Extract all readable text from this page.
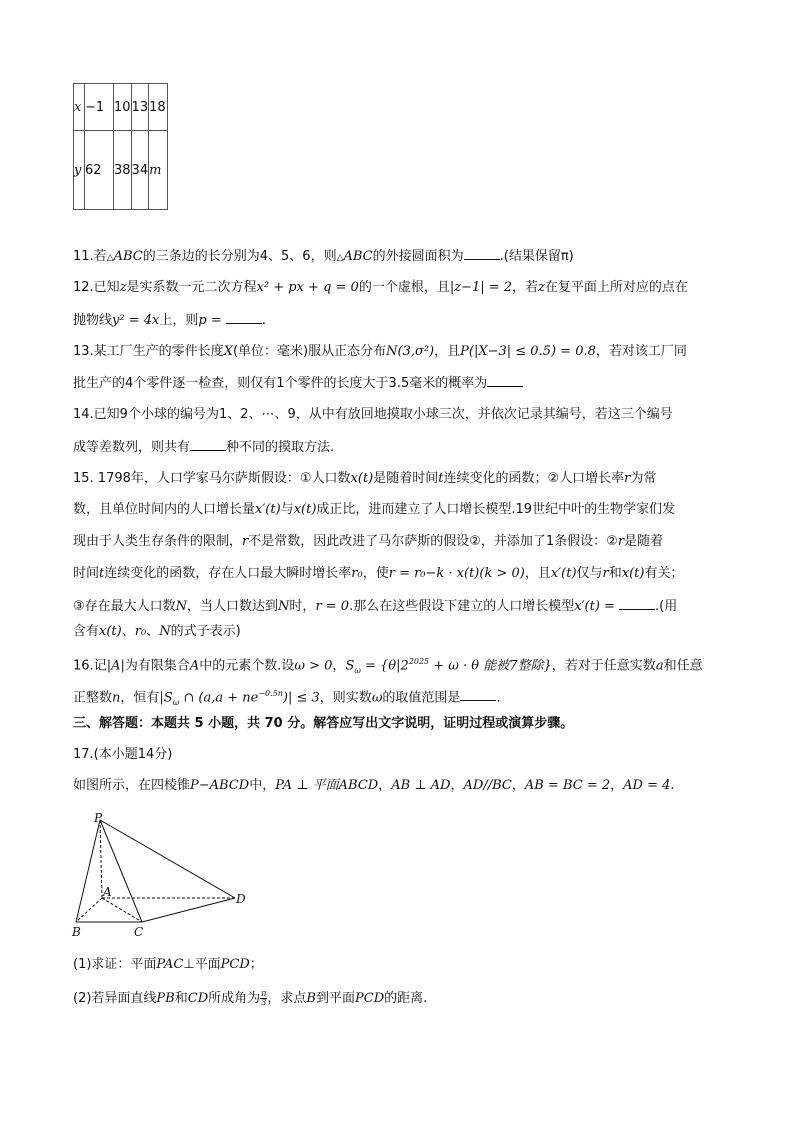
x	−1	10	13	18
y	62	38	34	m
11.若△ABC的三条边的长分别为4、5、6，则△ABC的外接圆面积为	.(结果保留π)
12.已知z是实系数一元二次方程x² + px + q = 0的一个虚根，且|z−1| = 2，若z在复平面上所对应的点在
抛物线y² = 4x上，则p =	.
13.某工厂生产的零件长度X(单位：毫米)服从正态分布N(3,σ²)，且P(|X−3| ≤ 0.5) = 0.8，若对该工厂同
批生产的4个零件逐一检查，则仅有1个零件的长度大于3.5毫米的概率为
14.已知9个小球的编号为1、2、⋯、9，从中有放回地摸取小球三次，并依次记录其编号，若这三个编号
成等差数列，则共有	种不同的摸取方法.
15. 1798年，人口学家马尔萨斯假设：①人口数x(t)是随着时间t连续变化的函数；②人口增长率r为常
数，且单位时间内的人口增长量x′(t)与x(t)成正比，进而建立了人口增长模型.19世纪中叶的生物学家们发
现由于人类生存条件的限制，r不是常数，因此改进了马尔萨斯的假设②，并添加了1条假设：②r是随着
时间t连续变化的函数，存在人口最大瞬时增长率r₀，使r = r₀−k · x(t)(k > 0)，且x′(t)仅与r和x(t)有关；
③存在最大人口数N，当人口数达到N时，r = 0.那么在这些假设下建立的人口增长模型x′(t) =	.(用
含有x(t)、r₀、N的式子表示)
16.记|A|为有限集合A中的元素个数.设ω > 0，$S_\omega = \{\theta|2^{2025} + \omega \cdot \theta$ 能被7整除}，若对于任意实数a和任意
正整数n，恒有$|S_\omega$ ∩ $(a,a + ne^{-0.5n})| \le 3$，则实数ω的取值范围是	.
三、解答题：本题共 5 小题，共 70 分。解答应写出文字说明，证明过程或演算步骤。
17.(本小题14分)
如图所示，在四棱锥P−ABCD中，PA ⊥ 平面ABCD，AB ⊥ AD，AD//BC，AB = BC = 2，AD = 4.
P
A
B	C
D
(1)求证：平面PAC⊥平面PCD；
(2)若异面直线PB和CD所成角为 $\frac{\pi}{3}$ ，求点B到平面PCD的距离.
